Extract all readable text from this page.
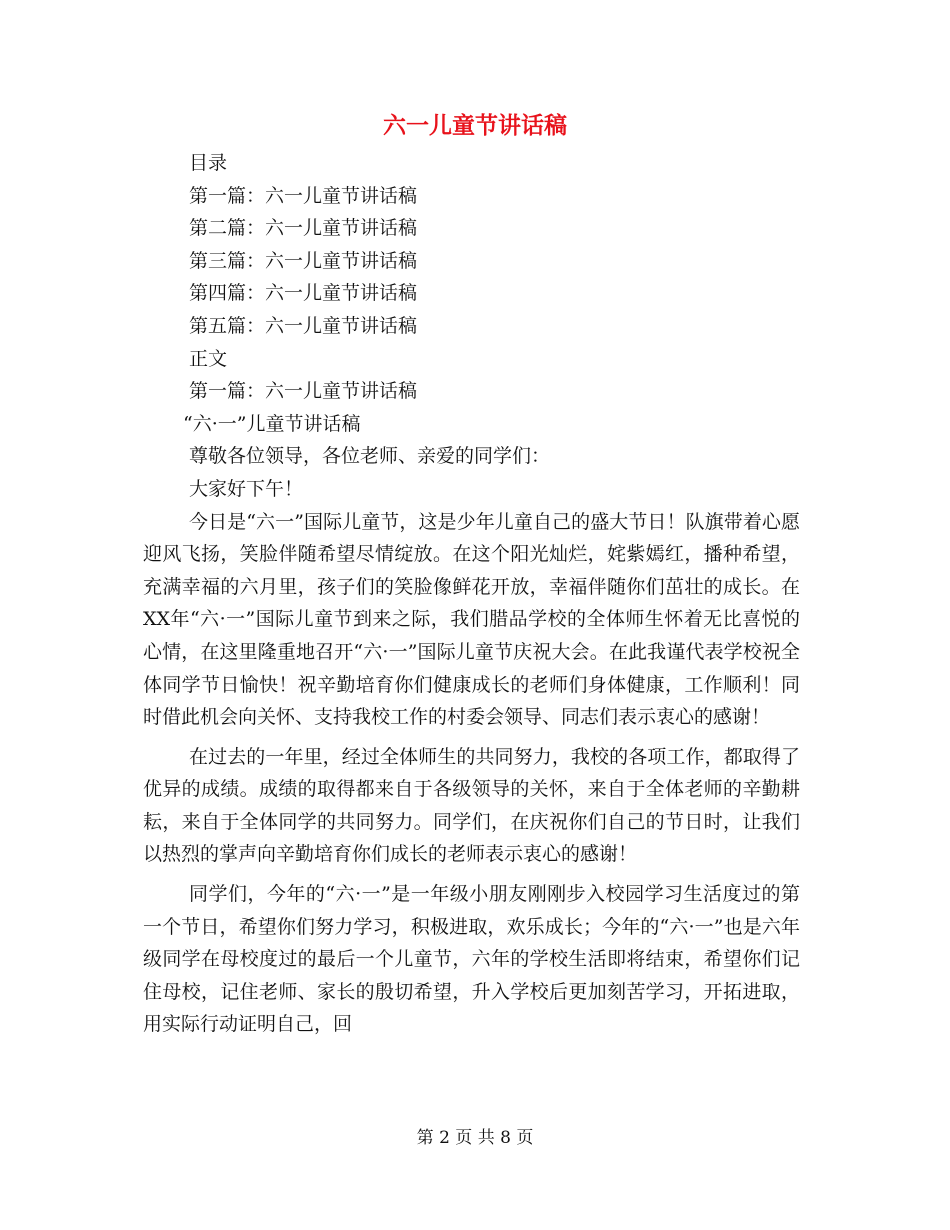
六一儿童节讲话稿
目录
第一篇：六一儿童节讲话稿
第二篇：六一儿童节讲话稿
第三篇：六一儿童节讲话稿
第四篇：六一儿童节讲话稿
第五篇：六一儿童节讲话稿
正文
第一篇：六一儿童节讲话稿
“六·一”儿童节讲话稿
尊敬各位领导，各位老师、亲爱的同学们：
大家好下午！
今日是“六一”国际儿童节，这是少年儿童自己的盛大节日！队旗带着心愿迎风飞扬，笑脸伴随希望尽情绽放。在这个阳光灿烂，姹紫嫣红，播种希望，充满幸福的六月里，孩子们的笑脸像鲜花开放，幸福伴随你们茁壮的成长。在XX年“六·一”国际儿童节到来之际，我们腊品学校的全体师生怀着无比喜悦的心情，在这里隆重地召开“六·一”国际儿童节庆祝大会。在此我谨代表学校祝全体同学节日愉快！祝辛勤培育你们健康成长的老师们身体健康，工作顺利！同时借此机会向关怀、支持我校工作的村委会领导、同志们表示衷心的感谢！
在过去的一年里，经过全体师生的共同努力，我校的各项工作，都取得了优异的成绩。成绩的取得都来自于各级领导的关怀，来自于全体老师的辛勤耕耘，来自于全体同学的共同努力。同学们，在庆祝你们自己的节日时，让我们以热烈的掌声向辛勤培育你们成长的老师表示衷心的感谢！
同学们，今年的“六·一”是一年级小朋友刚刚步入校园学习生活度过的第一个节日，希望你们努力学习，积极进取，欢乐成长；今年的“六·一”也是六年级同学在母校度过的最后一个儿童节，六年的学校生活即将结束，希望你们记住母校，记住老师、家长的殷切希望，升入学校后更加刻苦学习，开拓进取，用实际行动证明自己，回
第 2 页 共 8 页
